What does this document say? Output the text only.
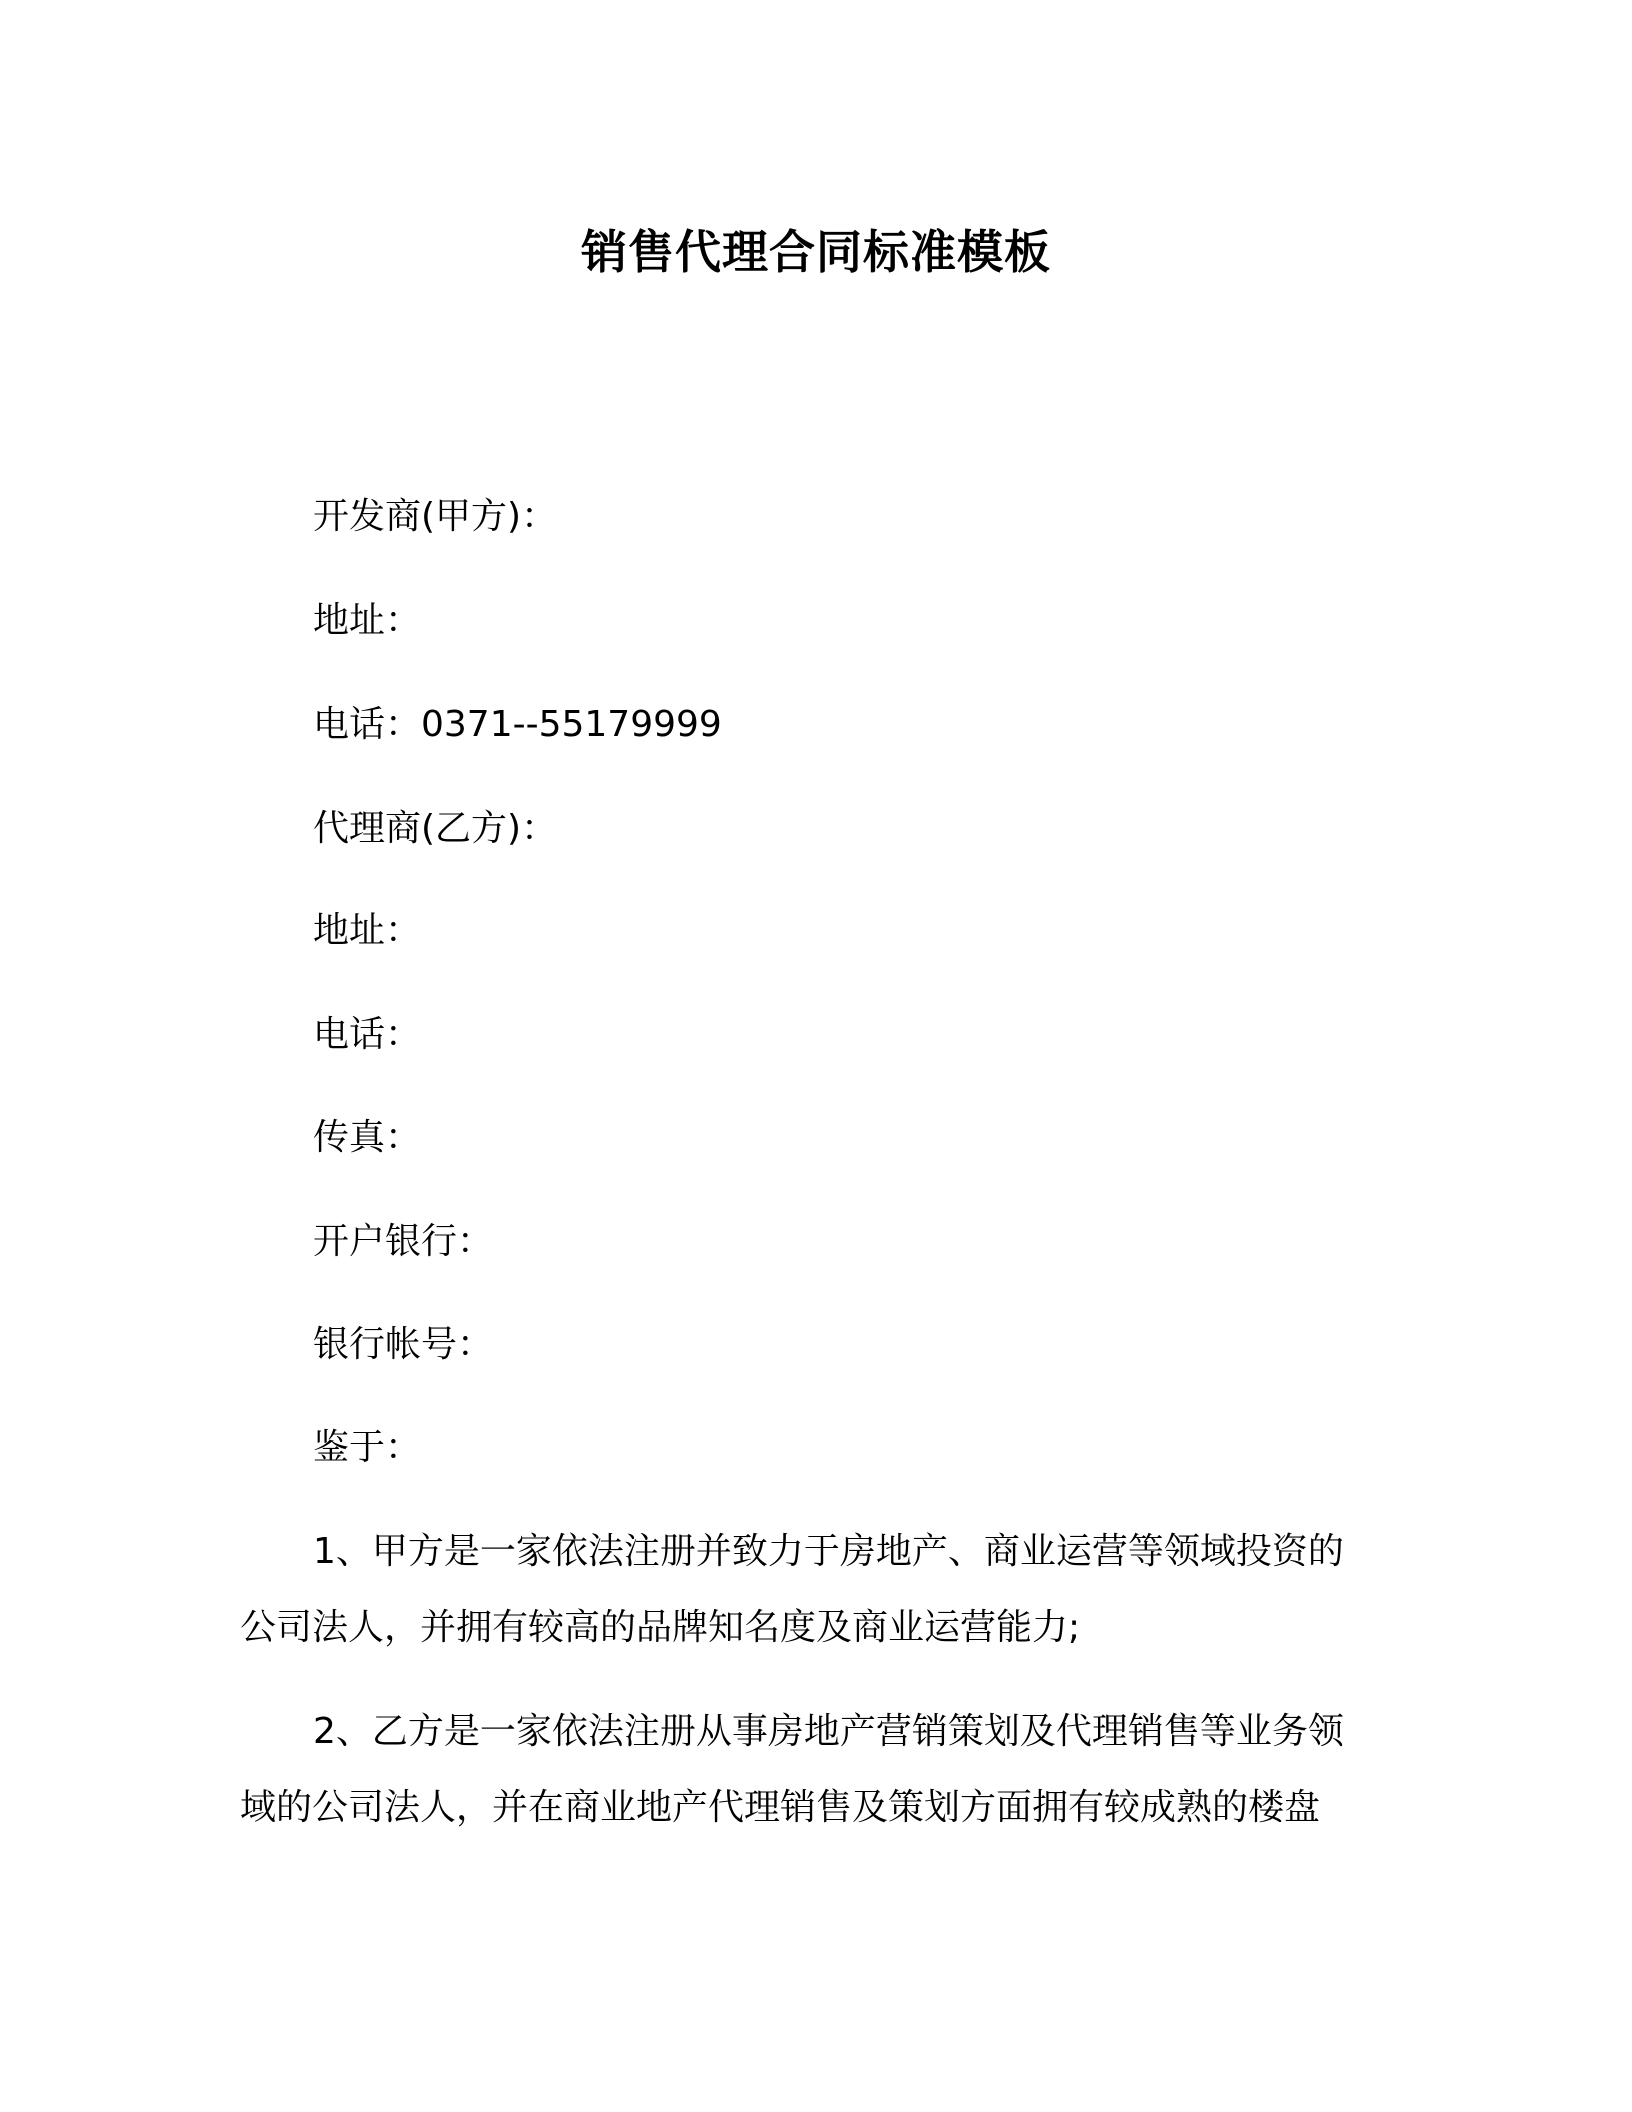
销售代理合同标准模板

开发商(甲方)：

地址：

电话：0371--55179999

代理商(乙方)：

地址：

电话：

传真：

开户银行：

银行帐号：

鉴于：

1、甲方是一家依法注册并致力于房地产、商业运营等领域投资的
公司法人，并拥有较高的品牌知名度及商业运营能力;
2、乙方是一家依法注册从事房地产营销策划及代理销售等业务领
域的公司法人，并在商业地产代理销售及策划方面拥有较成熟的楼盘
